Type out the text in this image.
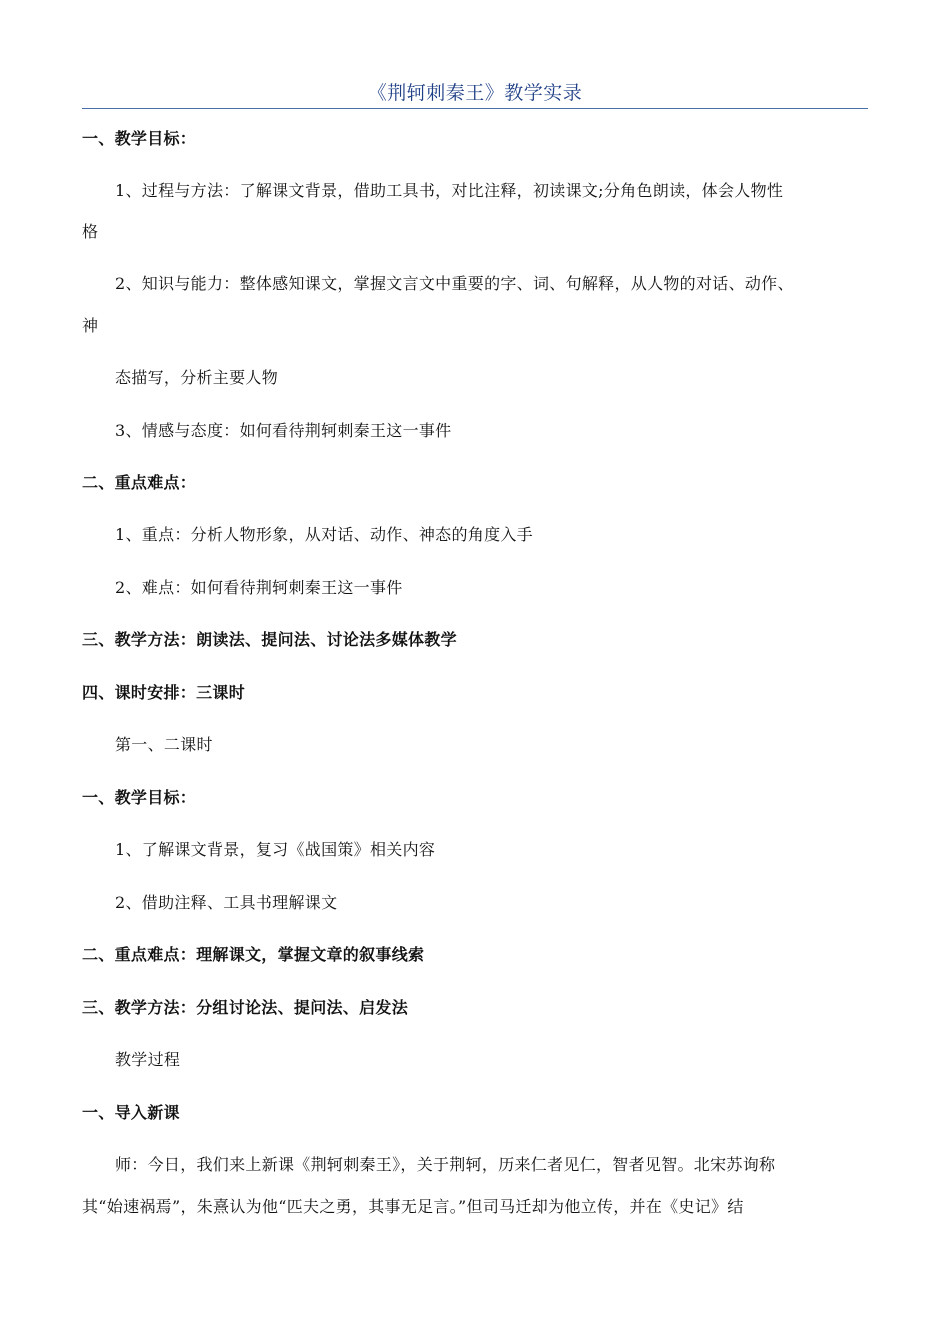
《荆轲刺秦王》教学实录
一、教学目标：
1、过程与方法：了解课文背景，借助工具书，对比注释，初读课文;分角色朗读，体会人物性
格
2、知识与能力：整体感知课文，掌握文言文中重要的字、词、句解释，从人物的对话、动作、
神
态描写，分析主要人物
3、情感与态度：如何看待荆轲刺秦王这一事件
二、重点难点：
1、重点：分析人物形象，从对话、动作、神态的角度入手
2、难点：如何看待荆轲刺秦王这一事件
三、教学方法：朗读法、提问法、讨论法多媒体教学
四、课时安排：三课时
第一、二课时
一、教学目标：
1、了解课文背景，复习《战国策》相关内容
2、借助注释、工具书理解课文
二、重点难点：理解课文，掌握文章的叙事线索
三、教学方法：分组讨论法、提问法、启发法
教学过程
一、导入新课
师：今日，我们来上新课《荆轲刺秦王》，关于荆轲，历来仁者见仁，智者见智。北宋苏询称
其“始速祸焉”，朱熹认为他“匹夫之勇，其事无足言。”但司马迁却为他立传，并在《史记》结
